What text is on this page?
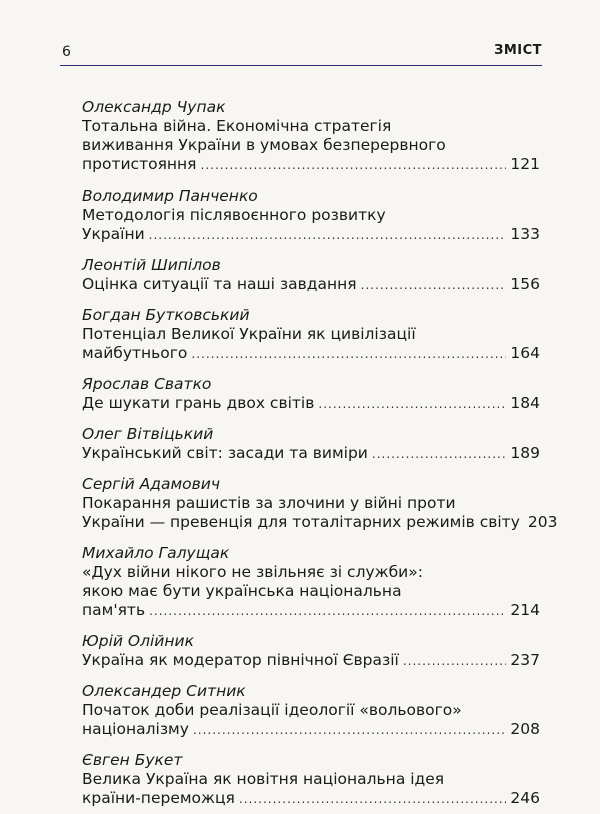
6	ЗМІСТ
Олександр Чупак
Тотальна війна. Економічна стратегія
виживання України в умовах безперервного
протистояння .....	121
Володимир Панченко
Методологія післявоєнного розвитку
України .....	133
Леонтій Шипілов
Оцінка ситуації та наші завдання .....	156
Богдан Бутковський
Потенціал Великої України як цивілізації
майбутнього .....	164
Ярослав Сватко
Де шукати грань двох світів .....	184
Олег Вітвіцький
Український світ: засади та виміри .....	189
Сергій Адамович
Покарання рашистів за злочини у війні проти
України — превенція для тоталітарних режимів світу 203
Михайло Галущак
«Дух війни нікого не звільняє зі служби»:
якою має бути українська національна
пам'ять .....	214
Юрій Олійник
Україна як модератор північної Євразії .....	237
Олександер Ситник
Початок доби реалізації ідеології «вольового»
націоналізму .....	208
Євген Букет
Велика Україна як новітня національна ідея
країни-переможця .....	246
